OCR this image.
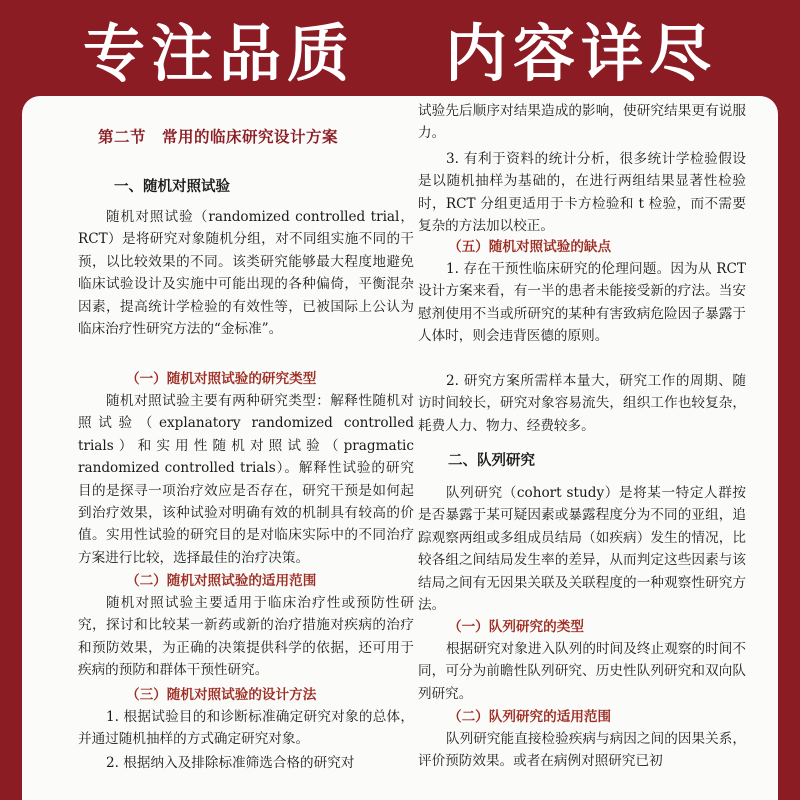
专注品质 内容详尽
第二节　常用的临床研究设计方案
一、随机对照试验

随机对照试验（randomized controlled trial，RCT）是将研究对象随机分组，对不同组实施不同的干预，以比较效果的不同。该类研究能够最大程度地避免临床试验设计及实施中可能出现的各种偏倚，平衡混杂因素，提高统计学检验的有效性等，已被国际上公认为临床治疗性研究方法的“金标准”。

（一）随机对照试验的研究类型

随机对照试验主要有两种研究类型：解释性随机对照试验（explanatory randomized controlled trials）和实用性随机对照试验（pragmatic randomized controlled trials）。解释性试验的研究目的是探寻一项治疗效应是否存在，研究干预是如何起到治疗效果，该种试验对明确有效的机制具有较高的价值。实用性试验的研究目的是对临床实际中的不同治疗方案进行比较，选择最佳的治疗决策。

（二）随机对照试验的适用范围

随机对照试验主要适用于临床治疗性或预防性研究，探讨和比较某一新药或新的治疗措施对疾病的治疗和预防效果，为正确的决策提供科学的依据，还可用于疾病的预防和群体干预性研究。

（三）随机对照试验的设计方法

1. 根据试验目的和诊断标准确定研究对象的总体，并通过随机抽样的方式确定研究对象。

2. 根据纳入及排除标准筛选合格的研究对

试验先后顺序对结果造成的影响，使研究结果更有说服力。

3. 有利于资料的统计分析，很多统计学检验假设是以随机抽样为基础的，在进行两组结果显著性检验时，RCT 分组更适用于卡方检验和 t 检验，而不需要复杂的方法加以校正。

（五）随机对照试验的缺点

1. 存在干预性临床研究的伦理问题。因为从 RCT 设计方案来看，有一半的患者未能接受新的疗法。当安慰剂使用不当或所研究的某种有害致病危险因子暴露于人体时，则会违背医德的原则。

2. 研究方案所需样本量大，研究工作的周期、随访时间较长，研究对象容易流失，组织工作也较复杂，耗费人力、物力、经费较多。

二、队列研究

队列研究（cohort study）是将某一特定人群按是否暴露于某可疑因素或暴露程度分为不同的亚组，追踪观察两组或多组成员结局（如疾病）发生的情况，比较各组之间结局发生率的差异，从而判定这些因素与该结局之间有无因果关联及关联程度的一种观察性研究方法。

（一）队列研究的类型

根据研究对象进入队列的时间及终止观察的时间不同，可分为前瞻性队列研究、历史性队列研究和双向队列研究。

（二）队列研究的适用范围

队列研究能直接检验疾病与病因之间的因果关系，评价预防效果。或者在病例对照研究已初
